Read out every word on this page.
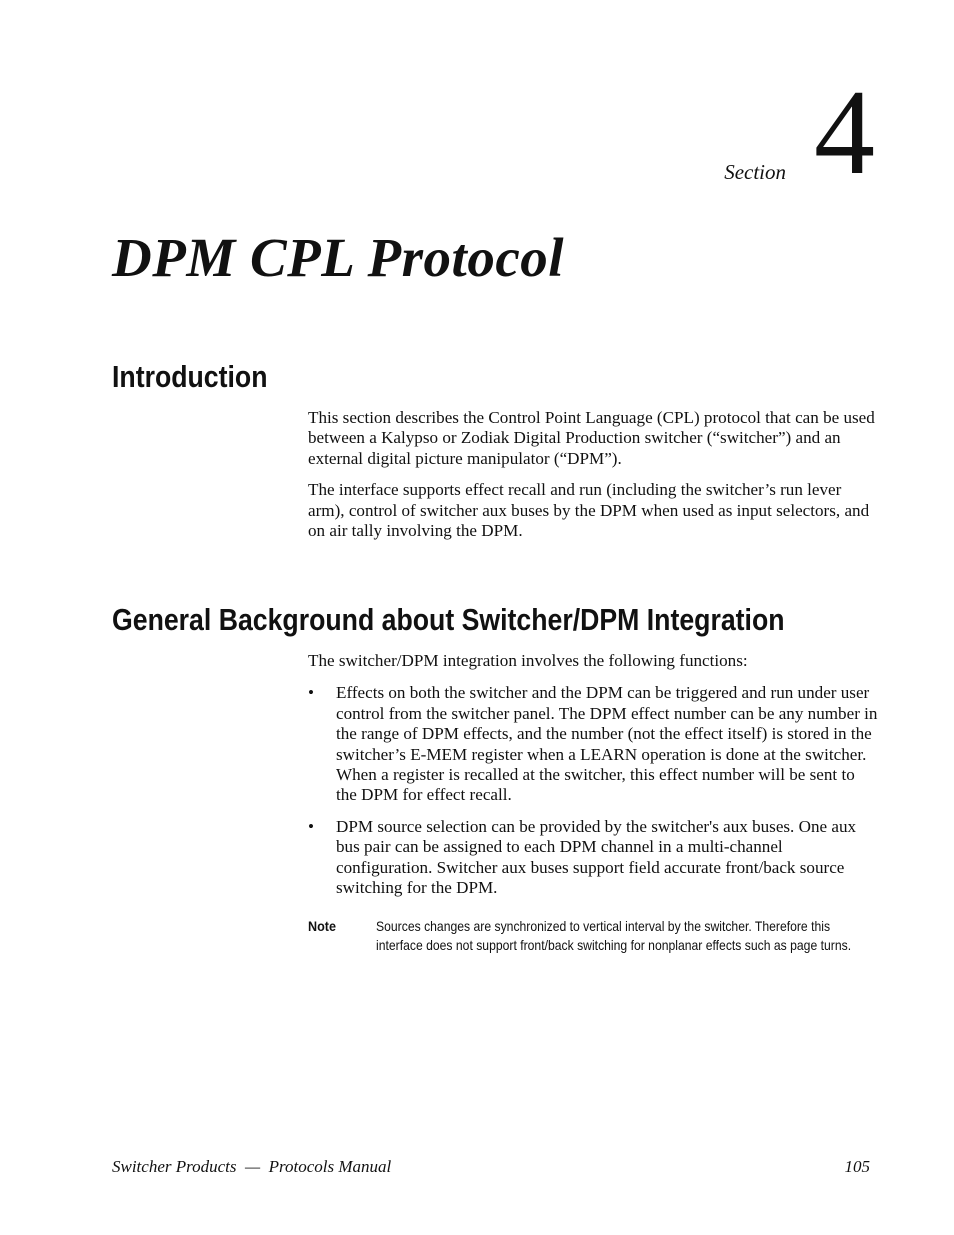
Section 4
DPM CPL Protocol
Introduction

This section describes the Control Point Language (CPL) protocol that can be used between a Kalypso or Zodiak Digital Production switcher (“switcher”) and an external digital picture manipulator (“DPM”).

The interface supports effect recall and run (including the switcher’s run lever arm), control of switcher aux buses by the DPM when used as input selectors, and on air tally involving the DPM.

General Background about Switcher/DPM Integration

The switcher/DPM integration involves the following functions:

• Effects on both the switcher and the DPM can be triggered and run under user control from the switcher panel. The DPM effect number can be any number in the range of DPM effects, and the number (not the effect itself) is stored in the switcher’s E-MEM register when a LEARN operation is done at the switcher. When a register is recalled at the switcher, this effect number will be sent to the DPM for effect recall.
• DPM source selection can be provided by the switcher's aux buses. One aux bus pair can be assigned to each DPM channel in a multi-channel configuration. Switcher aux buses support field accurate front/back source switching for the DPM.
Note	Sources changes are synchronized to vertical interval by the switcher. Therefore this interface does not support front/back switching for nonplanar effects such as page turns.
Switcher Products  —  Protocols Manual	105
